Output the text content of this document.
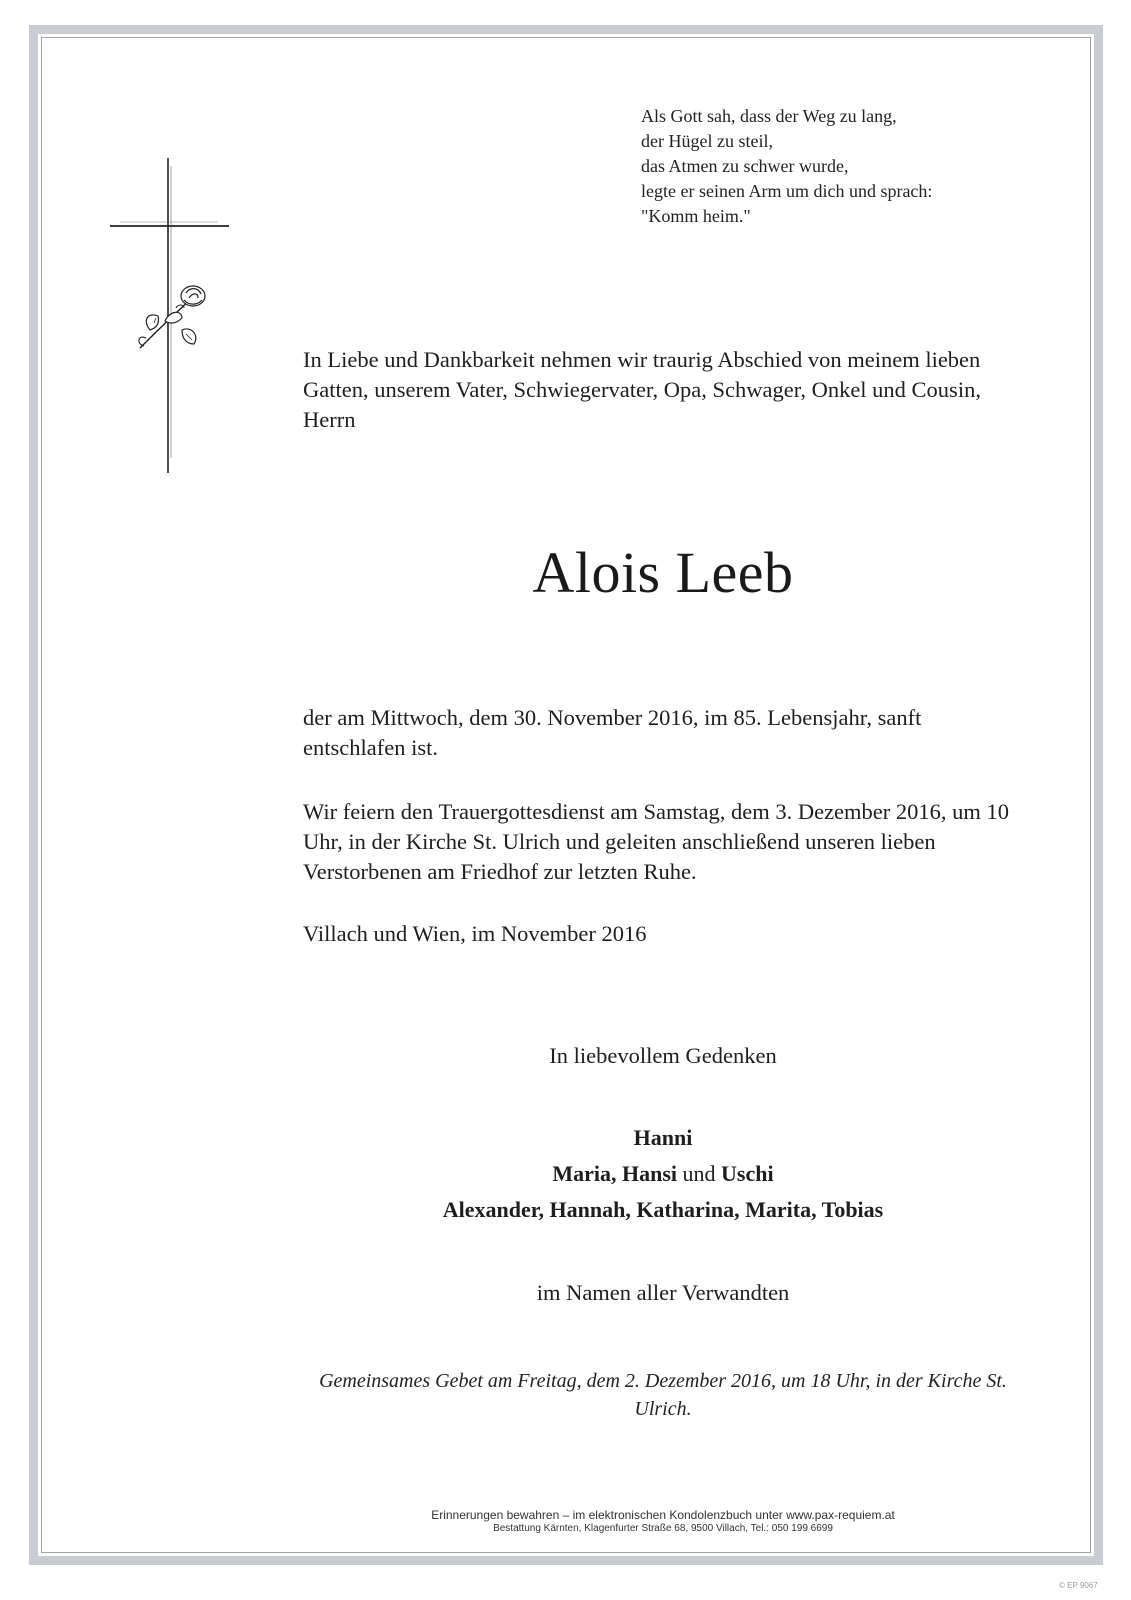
Als Gott sah, dass der Weg zu lang,
der Hügel zu steil,
das Atmen zu schwer wurde,
legte er seinen Arm um dich und sprach:
"Komm heim."
In Liebe und Dankbarkeit nehmen wir traurig Abschied von meinem lieben Gatten, unserem Vater, Schwiegervater, Opa, Schwager, Onkel und Cousin, Herrn
Alois Leeb
der am Mittwoch, dem 30. November 2016, im 85. Lebensjahr, sanft entschlafen ist.
Wir feiern den Trauergottesdienst am Samstag, dem 3. Dezember 2016, um 10 Uhr, in der Kirche St. Ulrich und geleiten anschließend unseren lieben Verstorbenen am Friedhof zur letzten Ruhe.
Villach und Wien, im November 2016
In liebevollem Gedenken
Hanni
Maria, Hansi und Uschi
Alexander, Hannah, Katharina, Marita, Tobias
im Namen aller Verwandten
Gemeinsames Gebet am Freitag, dem 2. Dezember 2016, um 18 Uhr, in der Kirche St. Ulrich.
Erinnerungen bewahren – im elektronischen Kondolenzbuch unter www.pax-requiem.at
Bestattung Kärnten, Klagenfurter Straße 68, 9500 Villach, Tel.: 050 199 6699
© EP 9067
